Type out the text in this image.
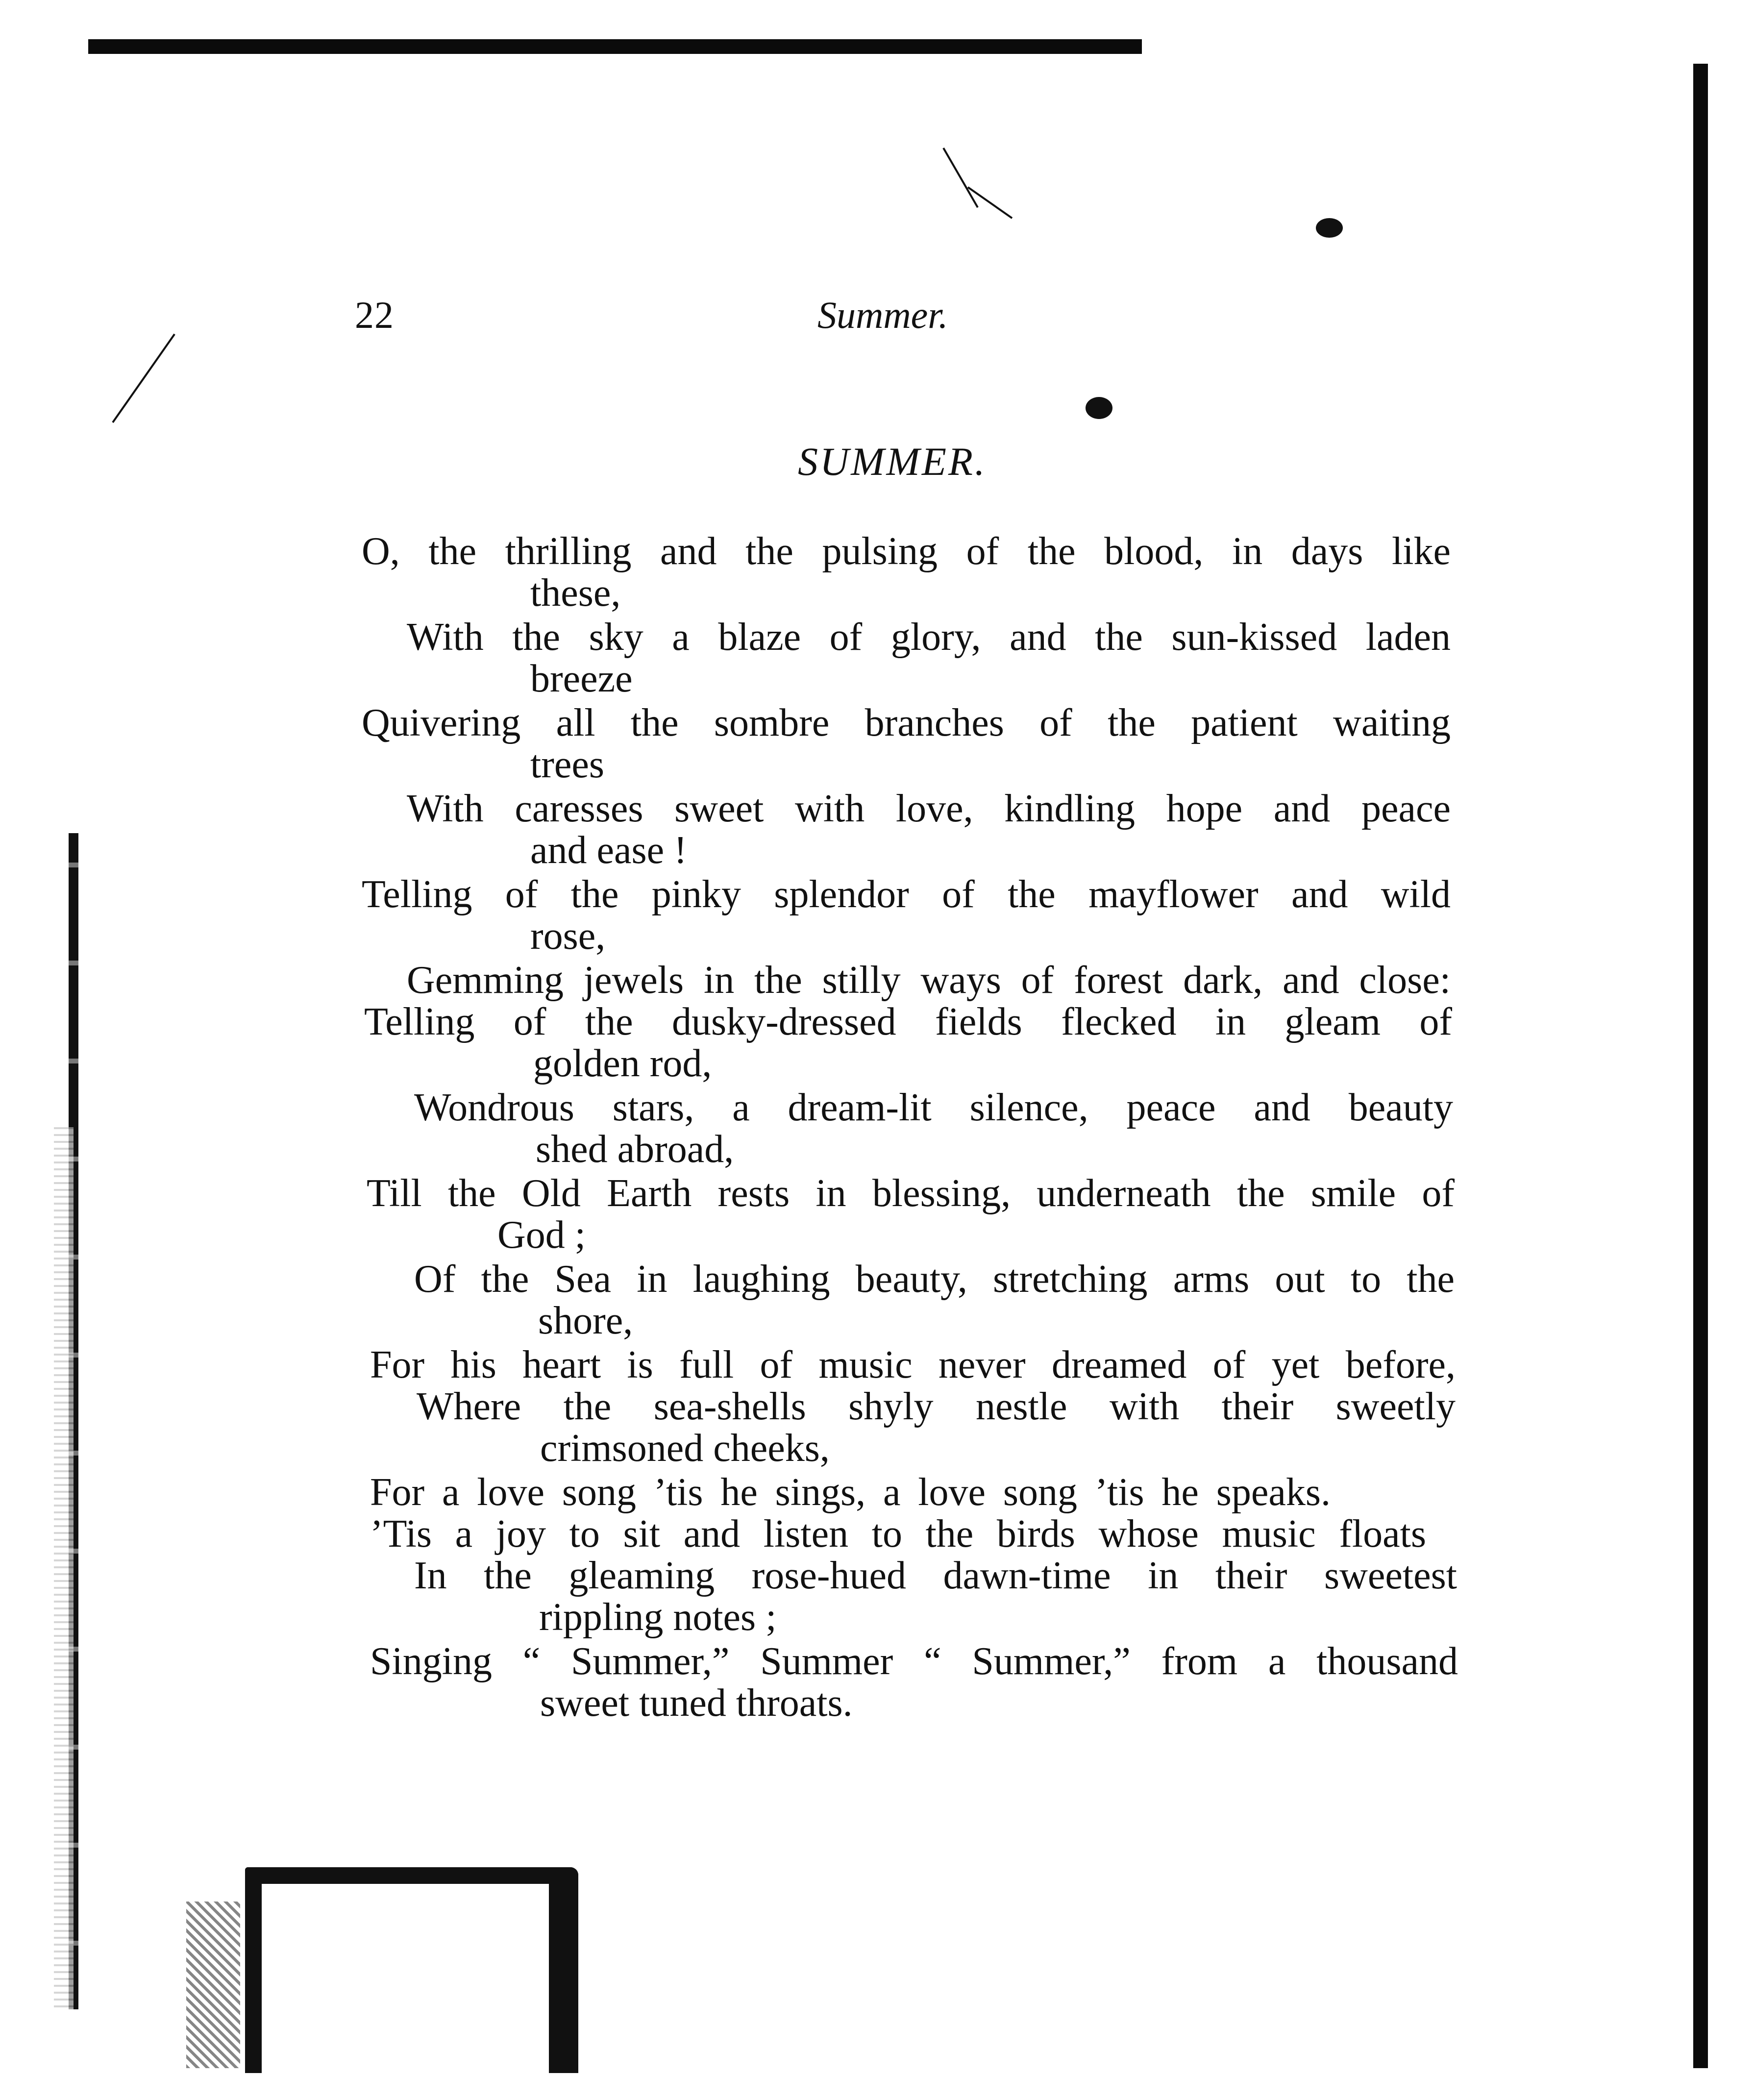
22	Summer.
SUMMER.
O, the thrilling and the pulsing of the blood, in days like
these,
With the sky a blaze of glory, and the sun-kissed laden
breeze
Quivering all the sombre branches of the patient waiting
trees
With caresses sweet with love, kindling hope and peace
and ease !
Telling of the pinky splendor of the mayflower and wild
rose,
Gemming jewels in the stilly ways of forest dark, and close:
Telling of the dusky-dressed fields flecked in gleam of
golden rod,
Wondrous stars, a dream-lit silence, peace and beauty
shed abroad,
Till the Old Earth rests in blessing, underneath the smile of
God ;
Of the Sea in laughing beauty, stretching arms out to the
shore,
For his heart is full of music never dreamed of yet before,
Where the sea-shells shyly nestle with their sweetly
crimsoned cheeks,
For a love song ’tis he sings, a love song ’tis he speaks.
’Tis a joy to sit and listen to the birds whose music floats
In the gleaming rose-hued dawn-time in their sweetest
rippling notes ;
Singing “ Summer,” Summer “ Summer,” from a thousand
sweet tuned throats.
